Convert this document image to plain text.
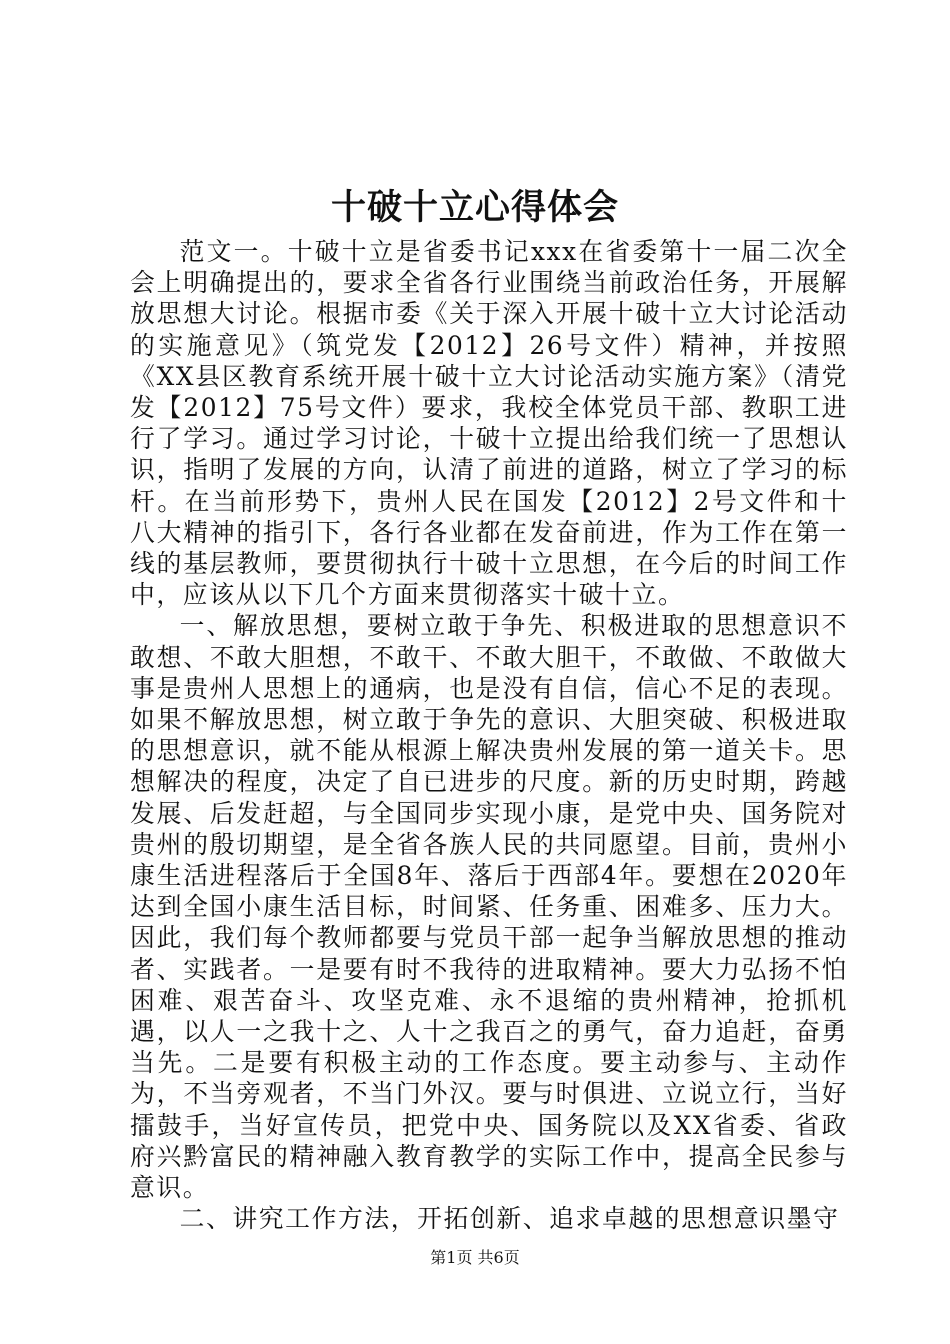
十破十立心得体会

范文一。十破十立是省委书记xxx在省委第十一届二次全会上明确提出的，要求全省各行业围绕当前政治任务，开展解放思想大讨论。根据市委《关于深入开展十破十立大讨论活动的实施意见》（筑党发【2012】26号文件）精神，并按照《XX县区教育系统开展十破十立大讨论活动实施方案》（清党发【2012】75号文件）要求，我校全体党员干部、教职工进行了学习。通过学习讨论，十破十立提出给我们统一了思想认识，指明了发展的方向，认清了前进的道路，树立了学习的标杆。在当前形势下，贵州人民在国发【2012】2号文件和十八大精神的指引下，各行各业都在发奋前进，作为工作在第一线的基层教师，要贯彻执行十破十立思想，在今后的时间工作中，应该从以下几个方面来贯彻落实十破十立。

一、解放思想，要树立敢于争先、积极进取的思想意识不敢想、不敢大胆想，不敢干、不敢大胆干，不敢做、不敢做大事是贵州人思想上的通病，也是没有自信，信心不足的表现。如果不解放思想，树立敢于争先的意识、大胆突破、积极进取的思想意识，就不能从根源上解决贵州发展的第一道关卡。思想解决的程度，决定了自已进步的尺度。新的历史时期，跨越发展、后发赶超，与全国同步实现小康，是党中央、国务院对贵州的殷切期望，是全省各族人民的共同愿望。目前，贵州小康生活进程落后于全国8年、落后于西部4年。要想在2020年达到全国小康生活目标，时间紧、任务重、困难多、压力大。因此，我们每个教师都要与党员干部一起争当解放思想的推动者、实践者。一是要有时不我待的进取精神。要大力弘扬不怕困难、艰苦奋斗、攻坚克难、永不退缩的贵州精神，抢抓机遇，以人一之我十之、人十之我百之的勇气，奋力追赶，奋勇当先。二是要有积极主动的工作态度。要主动参与、主动作为，不当旁观者，不当门外汉。要与时俱进、立说立行，当好擂鼓手，当好宣传员，把党中央、国务院以及XX省委、省政府兴黔富民的精神融入教育教学的实际工作中，提高全民参与意识。

二、讲究工作方法，开拓创新、追求卓越的思想意识墨守

第1页 共6页
